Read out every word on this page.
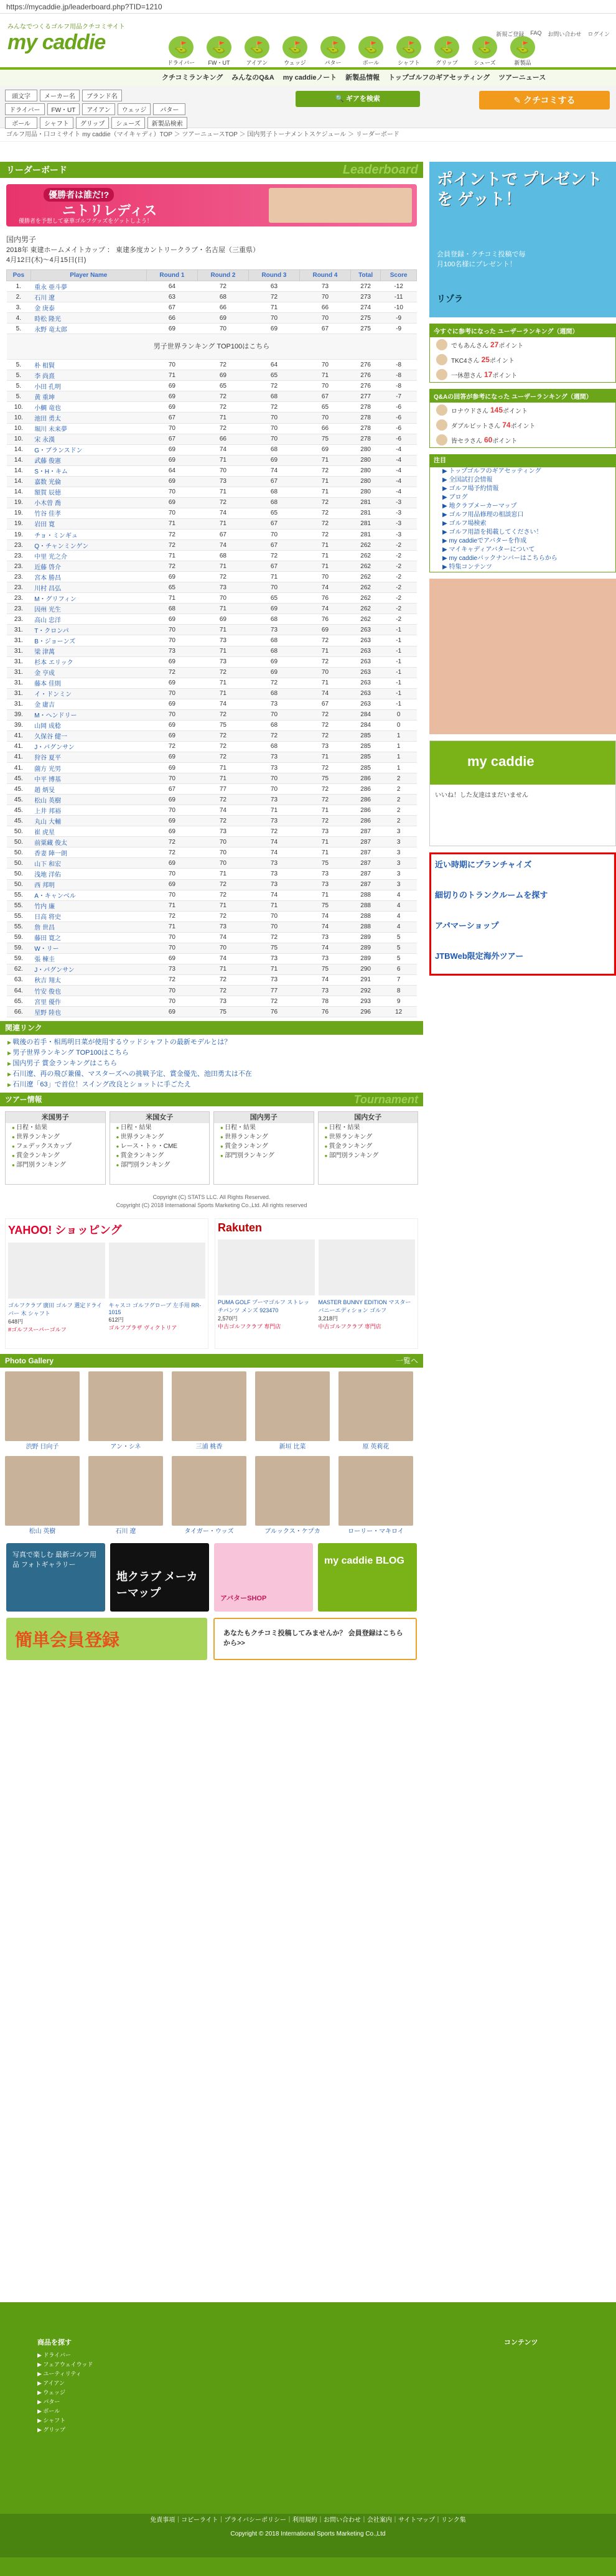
https://mycaddie.jp/leaderboard.php?TID=1210
みんなでつくるゴルフ用品クチコミサイト
my caddie	⛳
ドライバー
⛳
FW・UT
⛳
アイアン
⛳
ウェッジ
⛳
パター
⛳
ボール
⛳
シャフト
⛳
グリップ
⛳
シューズ
⛳
新製品
新規ご登録 FAQ お問い合わせ ログイン
クチコミランキング みんなのQ&A my caddieノート 新製品情報 トップゴルフのギアセッティング ツアーニュース
頭文字	メーカー名	ブランド名
ドライバー	FW・UT	アイアン	ウェッジ	パター
ボール	シャフト	グリップ	シューズ	新製品検索
🔍 ギアを検索	✎ クチコミする
ゴルフ用品・口コミサイト my caddie（マイキャディ）TOP ＞ ツアーニュースTOP ＞ 国内男子トーナメントスケジュール ＞ リーダーボード
リーダーボード	Leaderboard
優勝者は誰だ!?
ニトリレディス
優勝者を予想して豪華ゴルフグッズをゲットしよう！
国内男子
2018年 東建ホームメイトカップ ： 東建多度カントリークラブ・名古屋（三重県）
4月12日(木)～4月15日(日)
Pos	Player Name	Round 1	Round 2	Round 3	Round 4	Total	Score
1.	重永 亜斗夢	64	72	63	73	272	-12
2.	石川 遼	63	68	72	70	273	-11
3.	金 庚泰	67	66	71	66	274	-10
4.	時松 隆光	66	69	70	70	275	-9
5.	永野 竜太郎	69	70	69	67	275	-9
男子世界ランキング TOP100はこちら							
5.	朴 相賢	70	72	64	70	276	-8
5.	李 尚熹	71	69	65	71	276	-8
5.	小田 孔明	69	65	72	70	276	-8
5.	黄 重坤	69	72	68	67	277	-7
10.	小鯛 竜也	69	72	72	65	278	-6
10.	池田 勇太	67	71	70	70	278	-6
10.	堀川 未来夢	70	72	70	66	278	-6
10.	宋 永漢	67	66	70	75	278	-6
14.	G・ブランスドン	69	74	68	69	280	-4
14.	武藤 俊憲	69	71	69	71	280	-4
14.	S・H・キム	64	70	74	72	280	-4
14.	嘉数 光倫	69	73	67	71	280	-4
14.	額賀 辰徳	70	71	68	71	280	-4
19.	小木曽 喬	69	72	68	72	281	-3
19.	竹谷 佳孝	70	74	65	72	281	-3
19.	岩田 寛	71	71	67	72	281	-3
19.	チョ・ミンギュ	72	67	70	72	281	-3
23.	Q・チャンミンゲン	72	74	67	71	262	-2
23.	中里 光之介	71	68	72	71	262	-2
23.	近藤 啓介	72	71	67	71	262	-2
23.	宮本 勝昌	69	72	71	70	262	-2
23.	川村 昌弘	65	73	70	74	262	-2
23.	M・グリフィン	71	70	65	76	262	-2
23.	因州 光生	68	71	69	74	262	-2
23.	高山 忠洋	69	69	68	76	262	-2
31.	T・クロンパ	70	71	73	69	263	-1
31.	B・ジョーンズ	70	73	68	72	263	-1
31.	梁 津萬	73	71	68	71	263	-1
31.	杉本 エリック	69	73	69	72	263	-1
31.	金 亨成	72	72	69	70	263	-1
31.	藤本 佳則	69	71	72	71	263	-1
31.	イ・ドンミン	70	71	68	74	263	-1
31.	金 庸吉	69	74	73	67	263	-1
39.	M・ヘンドリー	70	72	70	72	284	0
39.	山岡 成稔	69	75	68	72	284	0
41.	久保谷 健一	69	72	72	72	285	1
41.	J・パグンサン	72	72	68	73	285	1
41.	狩谷 夏平	69	72	73	71	285	1
41.	薗方 光男	69	71	73	72	285	1
45.	中平 博基	70	71	70	75	286	2
45.	趙 炳旻	67	77	70	72	286	2
45.	松山 英樹	69	72	73	72	286	2
45.	上井 邦裕	70	74	71	71	286	2
45.	丸山 大輔	69	72	73	72	286	2
50.	崔 虎星	69	73	72	73	287	3
50.	前粟藏 俊太	72	70	74	71	287	3
50.	香妻 陣一朗	72	70	74	71	287	3
50.	山下 和宏	69	70	73	75	287	3
50.	浅地 洋佑	70	71	73	73	287	3
50.	西 邦明	69	72	73	73	287	3
55.	A・キャンベル	70	72	74	71	288	4
55.	竹内 廉	71	71	71	75	288	4
55.	日高 将史	72	72	70	74	288	4
55.	詹 世昌	71	73	70	74	288	4
59.	藤田 寛之	70	74	72	73	289	5
59.	W・リー	70	70	75	74	289	5
59.	張 棟圭	69	74	73	73	289	5
62.	J・パグンサン	73	71	71	75	290	6
63.	秋吉 翔太	72	72	73	74	291	7
64.	竹安 俊也	70	72	77	73	292	8
65.	宮里 優作	70	73	72	78	293	9
66.	星野 陸也	69	75	76	76	296	12
関連リンク
▶ 戦後の若手・相馬明日菜が使用するウッドシャフトの最新モデルとは？
▶ 男子世界ランキング TOP100はこちら
▶ 国内男子 賞金ランキングはこちら
▶ 石川遼、再の飛び兼備、マスターズへの挑戦予定、賞金優先、池田勇太は不在
▶ 石川遼「63」で首位！スイング改良とショットに手ごたえ
ツアー情報	Tournament
米国男子
● 日程・結果
● 世界ランキング
● フェデックスカップ
● 賞金ランキング
● 部門別ランキング
米国女子
● 日程・結果
● 世界ランキング
● レース・トゥ・CME
● 賞金ランキング
● 部門別ランキング
国内男子
● 日程・結果
● 世界ランキング
● 賞金ランキング
● 部門別ランキング
国内女子
● 日程・結果
● 世界ランキング
● 賞金ランキング
● 部門別ランキング
Copyright (C) STATS LLC. All Rights Reserved.
Copyright (C) 2018 International Sports Marketing Co.,Ltd. All rights reserved
YAHOO! ショッピング
ゴルフクラブ 廣田 ゴルフ 選定ドライバー 木 シャフト
648円
#ゴルフスーパーゴルフ
キャスコ ゴルフグローブ 左手用 RR-1015
612円
ゴルフブラザ ヴィクトリア
Rakuten
PUMA GOLF プーマゴルフ ストレッチパンツ メンズ 923470
2,570円
中古ゴルフクラブ 専門店
MASTER BUNNY EDITION マスターバニーエディション ゴルフ
3,218円
中古ゴルフクラブ 専門店
Photo Gallery	一覧へ
渋野 日向子	アン・シネ	三浦 桃香	新垣 比菜	原 英莉花
松山 英樹	石川 遼	タイガー・ウッズ	ブルックス・ケプカ	ローリー・マキロイ
写真で楽しむ 最新ゴルフ用品 フォトギャラリー
地クラブ メーカーマップ	アバターSHOP
my caddie BLOG
簡単会員登録	あなたもクチコミ投稿してみませんか？ 会員登録はこちらから>>
ポイントで プレゼントを ゲット！
会員登録・クチコミ投稿で毎月100名様にプレゼント！
リゾラ
今すぐに参考になった ユーザーランキング（週間）
でもあんさん 27 ポイント
TKC4さん 25 ポイント
一休憩さん 17 ポイント
Q&Aの回答が参考になった ユーザーランキング（週間）
ロナウドさん 145 ポイント
ダブルビットさん 74 ポイント
皆セラさん 60 ポイント
注目
▶ トップゴルフのギアセッティング
▶ 全国試打会情報
▶ ゴルフ場予約情報
▶ ブログ
▶ 地クラブメーカーマップ
▶ ゴルフ用品修理の相談窓口
▶ ゴルフ場検索
▶ ゴルフ用語を掲載してください！
▶ my caddieでアバターを作成
▶ マイキャディアバターについて
▶ my caddieバックナンバーはこちらから
▶ 特集コンテンツ
my caddie
いいね！した友達はまだいません
近い時期にプランチャイズ
細切りのトランクルームを探す
アパマーショップ
JTBWeb限定海外ツアー
商品を探す	コンテンツ
▶ ドライバー
▶ フェアウェイウッド
▶ ユーティリティ
▶ アイアン
▶ ウェッジ
▶ パター
▶ ボール
▶ シャフト
▶ グリップ
免責事項｜コピーライト｜プライバシーポリシー｜利用規約｜お問い合わせ｜会社案内｜サイトマップ｜リンク集
Copyright © 2018 International Sports Marketing Co.,Ltd
